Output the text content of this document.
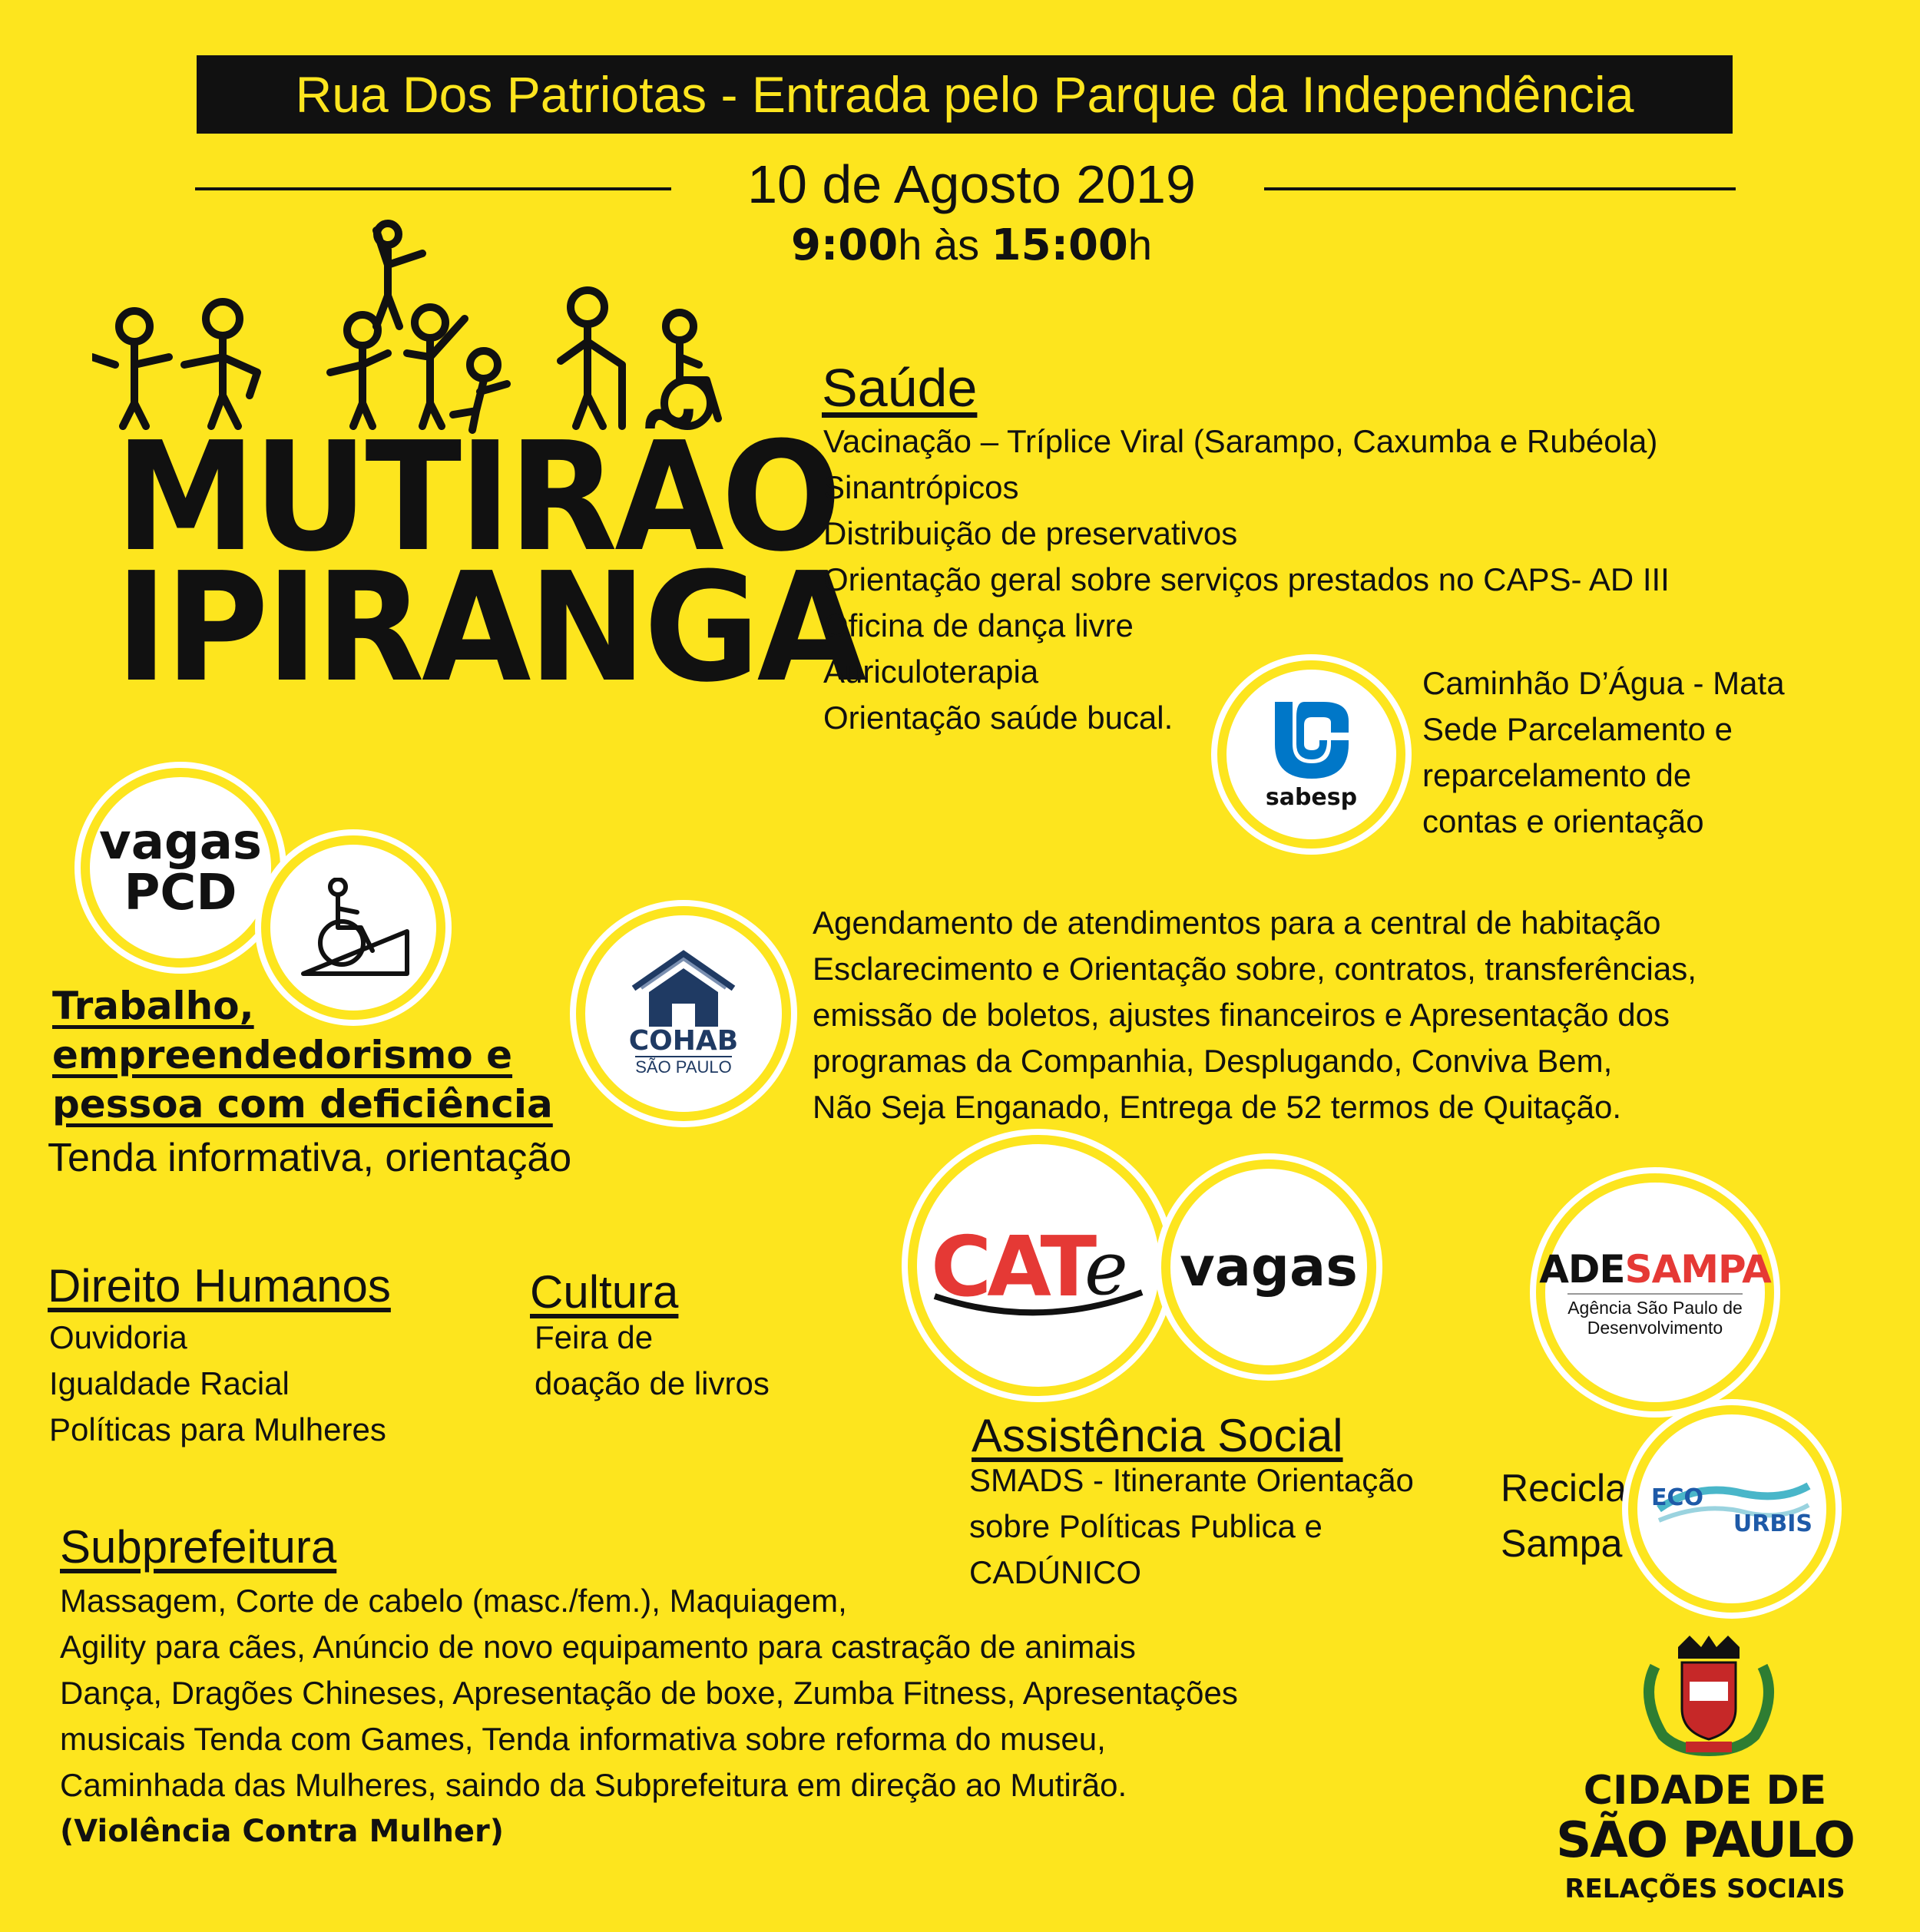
Rua Dos Patriotas - Entrada pelo Parque da Independência
10 de Agosto 2019
9:00h às 15:00h
MUTIRÃO
IPIRANGA
Saúde
Vacinação – Tríplice Viral (Sarampo, Caxumba e Rubéola)
Sinantrópicos
Distribuição de preservativos
Orientação geral sobre serviços prestados no CAPS- AD III
Oficina de dança livre
Auriculoterapia
Orientação saúde bucal.
sabesp
Caminhão D’Água - Mata
Sede Parcelamento e
reparcelamento de
contas e orientação
vagas
PCD
Trabalho,
empreendedorismo e
pessoa com deficiência
Tenda informativa, orientação
COHAB
SÃO PAULO
Agendamento de atendimentos para a central de habitação
Esclarecimento e Orientação sobre, contratos, transferências,
emissão de boletos, ajustes financeiros e Apresentação dos
programas da Companhia, Desplugando, Conviva Bem,
Não Seja Enganado, Entrega de 52 termos de Quitação.
CAT
e vagas	ADESAMPA
Agência São Paulo de
Desenvolvimento
Direito Humanos
Ouvidoria
Igualdade Racial
Políticas para Mulheres
Cultura
Feira de
doação de livros
Assistência Social
SMADS - Itinerante Orientação
sobre Políticas Publica e
CADÚNICO
Recicla
Sampa
ECO
URBIS
Subprefeitura
Massagem, Corte de cabelo (masc./fem.), Maquiagem,
Agility para cães, Anúncio de novo equipamento para castração de animais
Dança, Dragões Chineses, Apresentação de boxe, Zumba Fitness, Apresentações
musicais Tenda com Games, Tenda informativa sobre reforma do museu,
Caminhada das Mulheres, saindo da Subprefeitura em direção ao Mutirão.
(Violência Contra Mulher)
CIDADE DE
SÃO PAULO
RELAÇÕES SOCIAIS
